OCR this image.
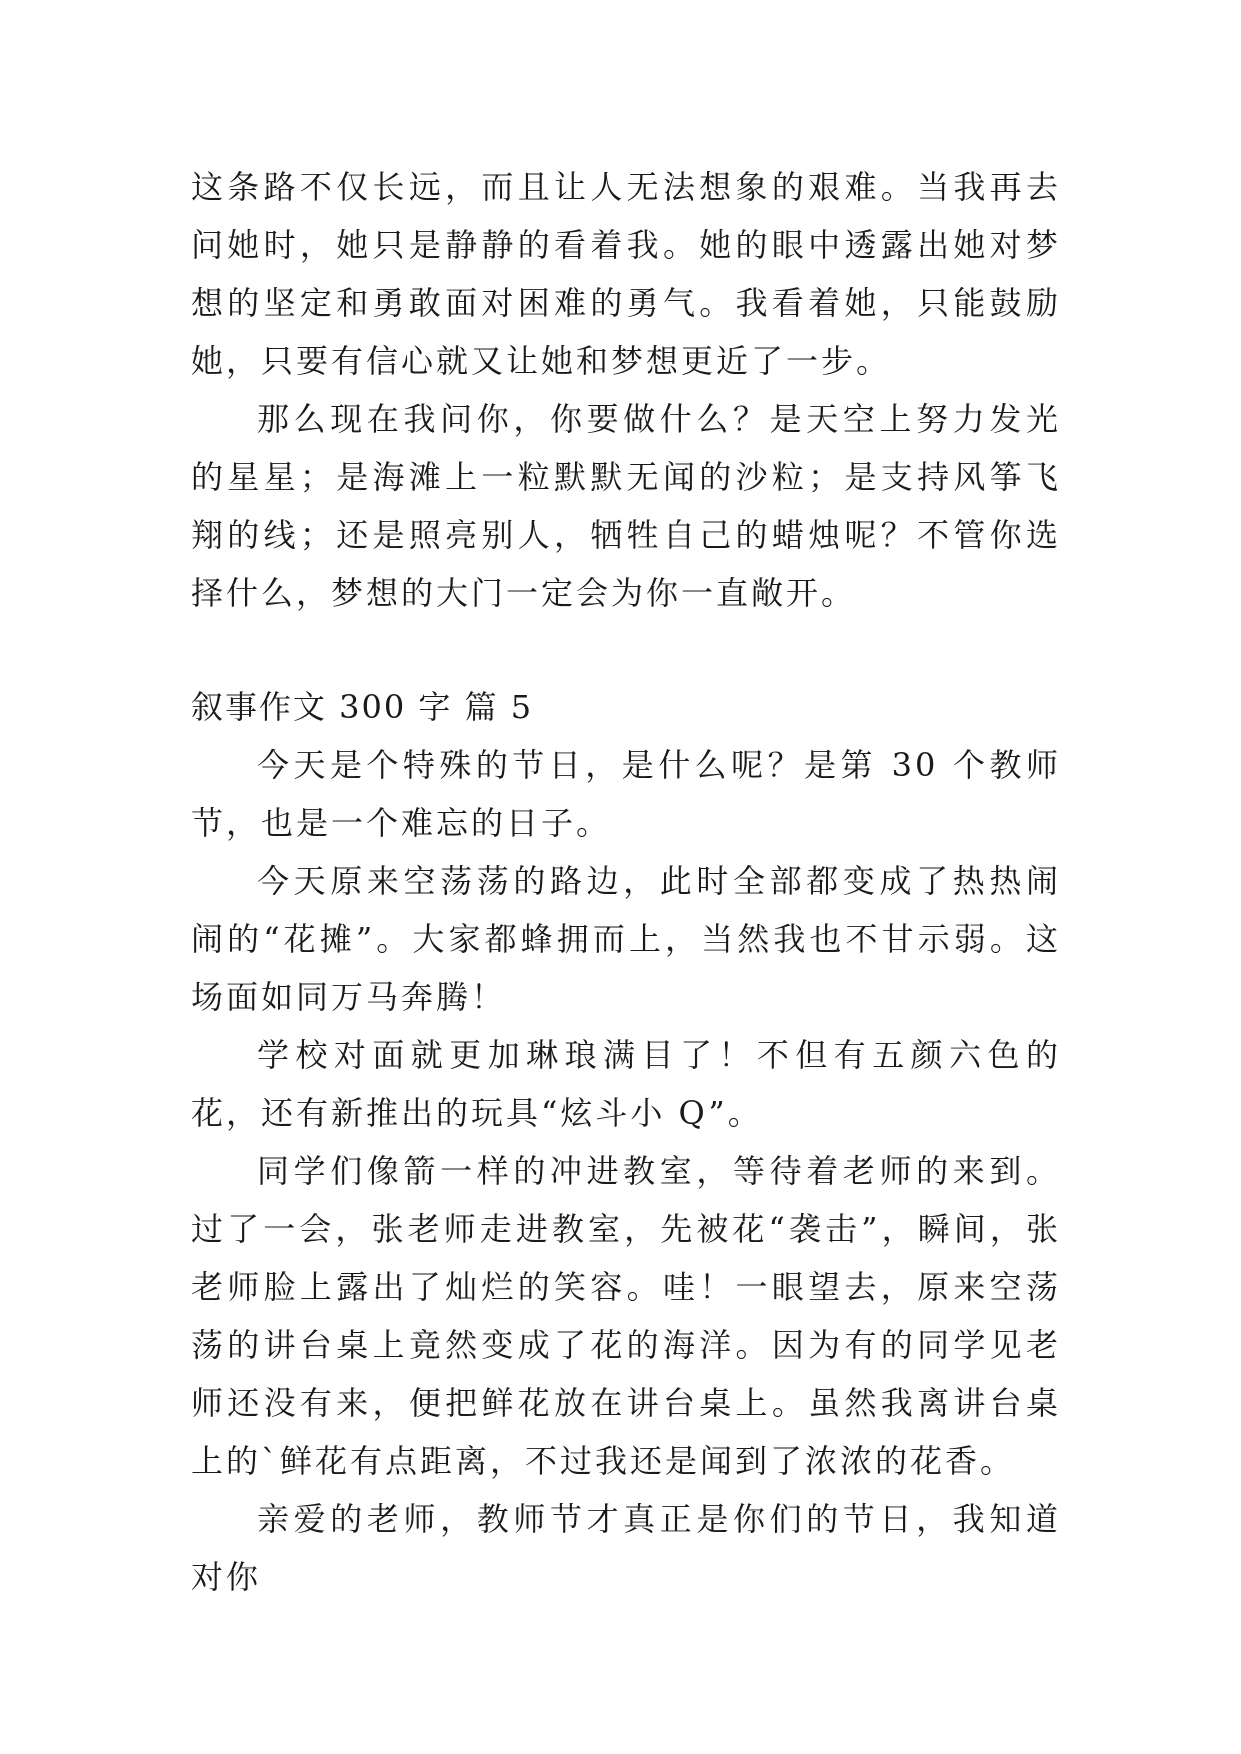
这条路不仅长远，而且让人无法想象的艰难。当我再去问她时，她只是静静的看着我。她的眼中透露出她对梦想的坚定和勇敢面对困难的勇气。我看着她，只能鼓励她，只要有信心就又让她和梦想更近了一步。

那么现在我问你，你要做什么？是天空上努力发光的星星；是海滩上一粒默默无闻的沙粒；是支持风筝飞翔的线；还是照亮别人，牺牲自己的蜡烛呢？不管你选择什么，梦想的大门一定会为你一直敞开。

叙事作文 300 字 篇 5

今天是个特殊的节日，是什么呢？是第 30 个教师节，也是一个难忘的日子。

今天原来空荡荡的路边，此时全部都变成了热热闹闹的“花摊”。大家都蜂拥而上，当然我也不甘示弱。这场面如同万马奔腾！

学校对面就更加琳琅满目了！不但有五颜六色的花，还有新推出的玩具“炫斗小 Q”。

同学们像箭一样的冲进教室，等待着老师的来到。过了一会，张老师走进教室，先被花“袭击”，瞬间，张老师脸上露出了灿烂的笑容。哇！一眼望去，原来空荡荡的讲台桌上竟然变成了花的海洋。因为有的同学见老师还没有来，便把鲜花放在讲台桌上。虽然我离讲台桌上的`鲜花有点距离，不过我还是闻到了浓浓的花香。

亲爱的老师，教师节才真正是你们的节日，我知道对你
